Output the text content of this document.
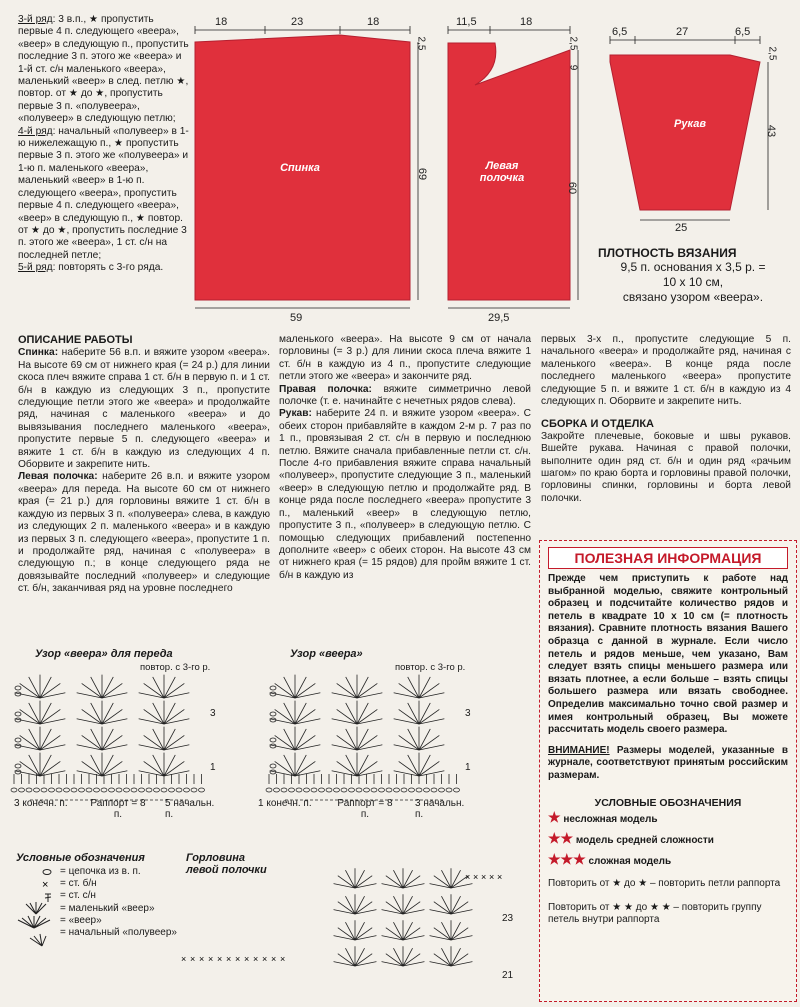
3-й ряд: 3 в.п., ★ пропустить первые 4 п. следующего «веера», «веер» в следующую п., пропустить последние 3 п. этого же «веера» и 1-й ст. с/н маленького «веера», маленький «веер» в след. петлю ★, повтор. от ★ до ★, пропустить первые 3 п. «полувеера», «полувеер» в следующую петлю;
4-й ряд: начальный «полувеер» в 1-ю нижележащую п., ★ пропустить первые 3 п. этого же «полувеера» и 1-ю п. маленького «веера», маленький «веер» в 1-ю п. следующего «веера», пропустить первые 4 п. следующего «веера», «веер» в следующую п., ★ повтор. от ★ до ★, пропустить последние 3 п. этого же «веера», 1 ст. с/н на последней петле;
5-й ряд: повторять с 3-го ряда.
18	23	18
2,5
69
59
Спинка
11,5	18
2,5
9
60
29,5
Левая
полочка
6,5	27	6,5
2,5
43
25
Рукав
ПЛОТНОСТЬ ВЯЗАНИЯ
9,5 п. основания х 3,5 р. =
10 х 10 см,
связано узором «веера».
ОПИСАНИЕ РАБОТЫ
Спинка: наберите 56 в.п. и вяжите узором «веера». На высоте 69 см от нижнего края (= 24 р.) для линии скоса плеч вяжите справа 1 ст. б/н в первую п. и 1 ст. б/н в каждую из следующих 3 п., пропустите следующие петли этого же «веера» и продолжайте ряд, начиная с маленького «веера» и до вывязывания последнего маленького «веера», пропустите первые 5 п. следующего «веера» и вяжите 1 ст. б/н в каждую из следующих 4 п. Оборвите и закрепите нить.
Левая полочка: наберите 26 в.п. и вяжите узором «веера» для переда. На высоте 60 см от нижнего края (= 21 р.) для горловины вяжите 1 ст. б/н в каждую из первых 3 п. «полувеера» слева, в каждую из следующих 2 п. маленького «веера» и в каждую из первых 3 п. следующего «веера», пропустите 1 п. и продолжайте ряд, начиная с «полувеера» в следующую п.; в конце следующего ряда не довязывайте последний «полувеер» и следующие ст. б/н, заканчивая ряд на уровне последнего
маленького «веера». На высоте 9 см от начала горловины (= 3 р.) для линии скоса плеча вяжите 1 ст. б/н в каждую из 4 п., пропустите следующие петли этого же «веера» и закончите ряд.
Правая полочка: вяжите симметрично левой полочке (т. е. начинайте с нечетных рядов слева).
Рукав: наберите 24 п. и вяжите узором «веера». С обеих сторон прибавляйте в каждом 2-м р. 7 раз по 1 п., провязывая 2 ст. с/н в первую и последнюю петлю. Вяжите сначала прибавленные петли ст. с/н. После 4-го прибавления вяжите справа начальный «полувеер», пропустите следующие 3 п., маленький «веер» в следующую петлю и продолжайте ряд. В конце ряда после последнего «веера» пропустите 3 п., маленький «веер» в следующую петлю, пропустите 3 п., «полувеер» в следующую петлю. С помощью следующих прибавлений постепенно дополните «веер» с обеих сторон. На высоте 43 см от нижнего края (= 15 рядов) для пройм вяжите 1 ст. б/н в каждую из
первых 3-х п., пропустите следующие 5 п. начального «веера» и продолжайте ряд, начиная с маленького «веера». В конце ряда после последнего маленького «веера» пропустите следующие 5 п. и вяжите 1 ст. б/н в каждую из 4 следующих п. Оборвите и закрепите нить.
СБОРКА И ОТДЕЛКА
Закройте плечевые, боковые и швы рукавов. Вшейте рукава. Начиная с правой полочки, выполните один ряд ст. б/н и один ряд «рачьим шагом» по краю борта и горловины правой полочки, горловины спинки, горловины и борта левой полочки.
ПОЛЕЗНАЯ ИНФОРМАЦИЯ
Прежде чем приступить к работе над выбранной моделью, свяжите контрольный образец и подсчитайте количество рядов и петель в квадрате 10 х 10 см (= плотность вязания). Сравните плотность вязания Вашего образца с данной в журнале. Если число петель и рядов меньше, чем указано, Вам следует взять спицы меньшего размера или вязать плотнее, а если больше – взять спицы большего размера или вязать свободнее. Определив максимально точно свой размер и имея контрольный образец, Вы можете рассчитать модель своего размера.
ВНИМАНИЕ! Размеры моделей, указанные в журнале, соответствуют принятым российским размерам.
УСЛОВНЫЕ ОБОЗНАЧЕНИЯ
★ несложная модель
★★ модель средней сложности
★★★ сложная модель
Повторить от ★ до ★ – повторить петли раппорта
Повторить от ★ ★ до ★ ★ – повторить группу петель внутри раппорта
Узор «веера» для переда
повтор. с 3-го р.
Узор «веера»
повтор. с 3-го р.
3
1
3
1
3 конечн. п.	Раппорт = 8 п.
5 начальн. п.
1 конечн. п.	Раппорт = 8 п.
3 начальн. п.
Условные обозначения
= цепочка из в. п.
= ст. б/н
= ст. с/н
= маленький «веер»
= «веер»
= начальный «полувеер»
×
Горловина
левой полочки
× × × × ×
× × × × × × × × × × × ×
23
21
